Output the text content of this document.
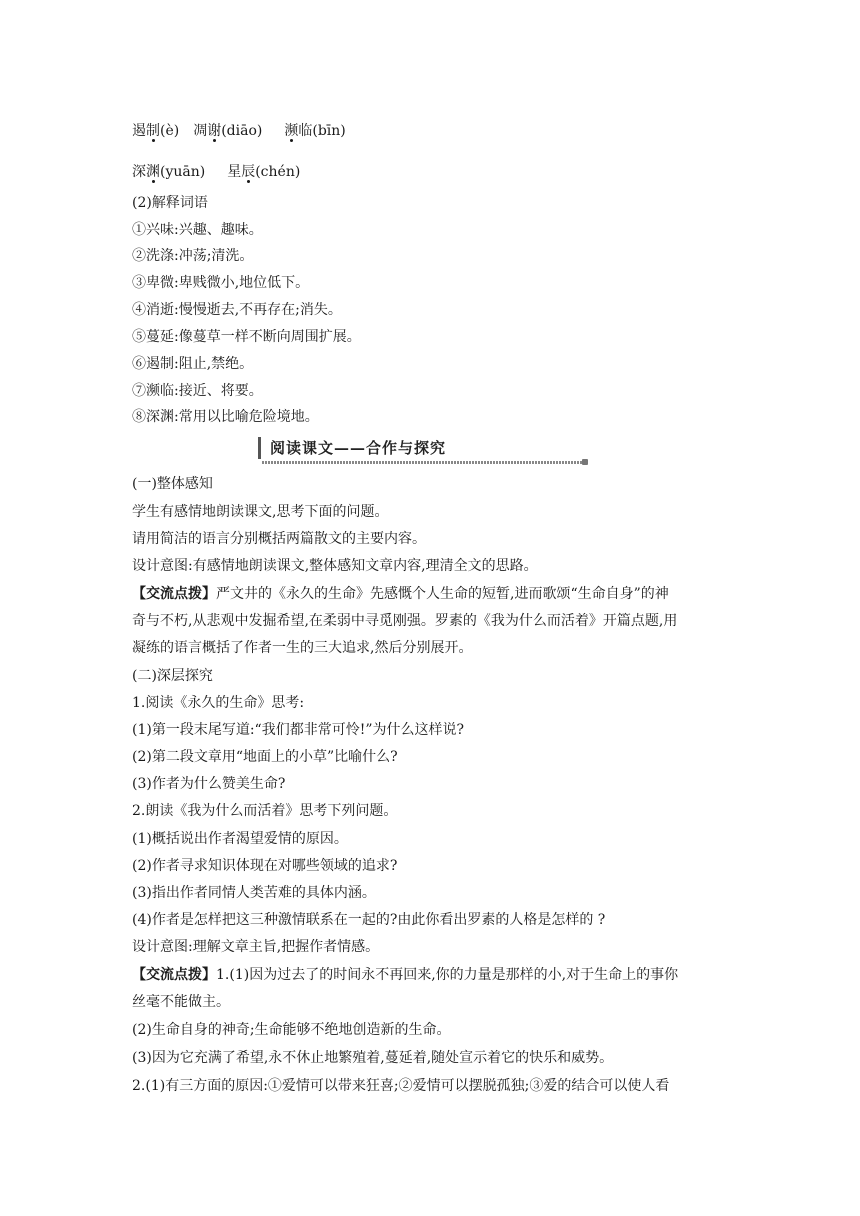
遏制(è) 凋谢(diāo) 濒临(bīn)
深渊(yuān) 星辰(chén)
(2)解释词语
①兴味:兴趣、趣味。
②洗涤:冲荡;清洗。
③卑微:卑贱微小,地位低下。
④消逝:慢慢逝去,不再存在;消失。
⑤蔓延:像蔓草一样不断向周围扩展。
⑥遏制:阻止,禁绝。
⑦濒临:接近、将要。
⑧深渊:常用以比喻危险境地。
阅读课文——合作与探究
(一)整体感知
学生有感情地朗读课文,思考下面的问题。
请用简洁的语言分别概括两篇散文的主要内容。
设计意图:有感情地朗读课文,整体感知文章内容,理清全文的思路。
【交流点拨】严文井的《永久的生命》先感慨个人生命的短暂,进而歌颂“生命自身”的神
奇与不朽,从悲观中发掘希望,在柔弱中寻觅刚强。罗素的《我为什么而活着》开篇点题,用
凝练的语言概括了作者一生的三大追求,然后分别展开。
(二)深层探究
1.阅读《永久的生命》思考:
(1)第一段末尾写道:“我们都非常可怜!”为什么这样说?
(2)第二段文章用“地面上的小草”比喻什么?
(3)作者为什么赞美生命?
2.朗读《我为什么而活着》思考下列问题。
(1)概括说出作者渴望爱情的原因。
(2)作者寻求知识体现在对哪些领域的追求?
(3)指出作者同情人类苦难的具体内涵。
(4)作者是怎样把这三种激情联系在一起的?由此你看出罗素的人格是怎样的 ?
设计意图:理解文章主旨,把握作者情感。
【交流点拨】1.(1)因为过去了的时间永不再回来,你的力量是那样的小,对于生命上的事你
丝毫不能做主。
(2)生命自身的神奇;生命能够不绝地创造新的生命。
(3)因为它充满了希望,永不休止地繁殖着,蔓延着,随处宣示着它的快乐和威势。
2.(1)有三方面的原因:①爱情可以带来狂喜;②爱情可以摆脱孤独;③爱的结合可以使人看
